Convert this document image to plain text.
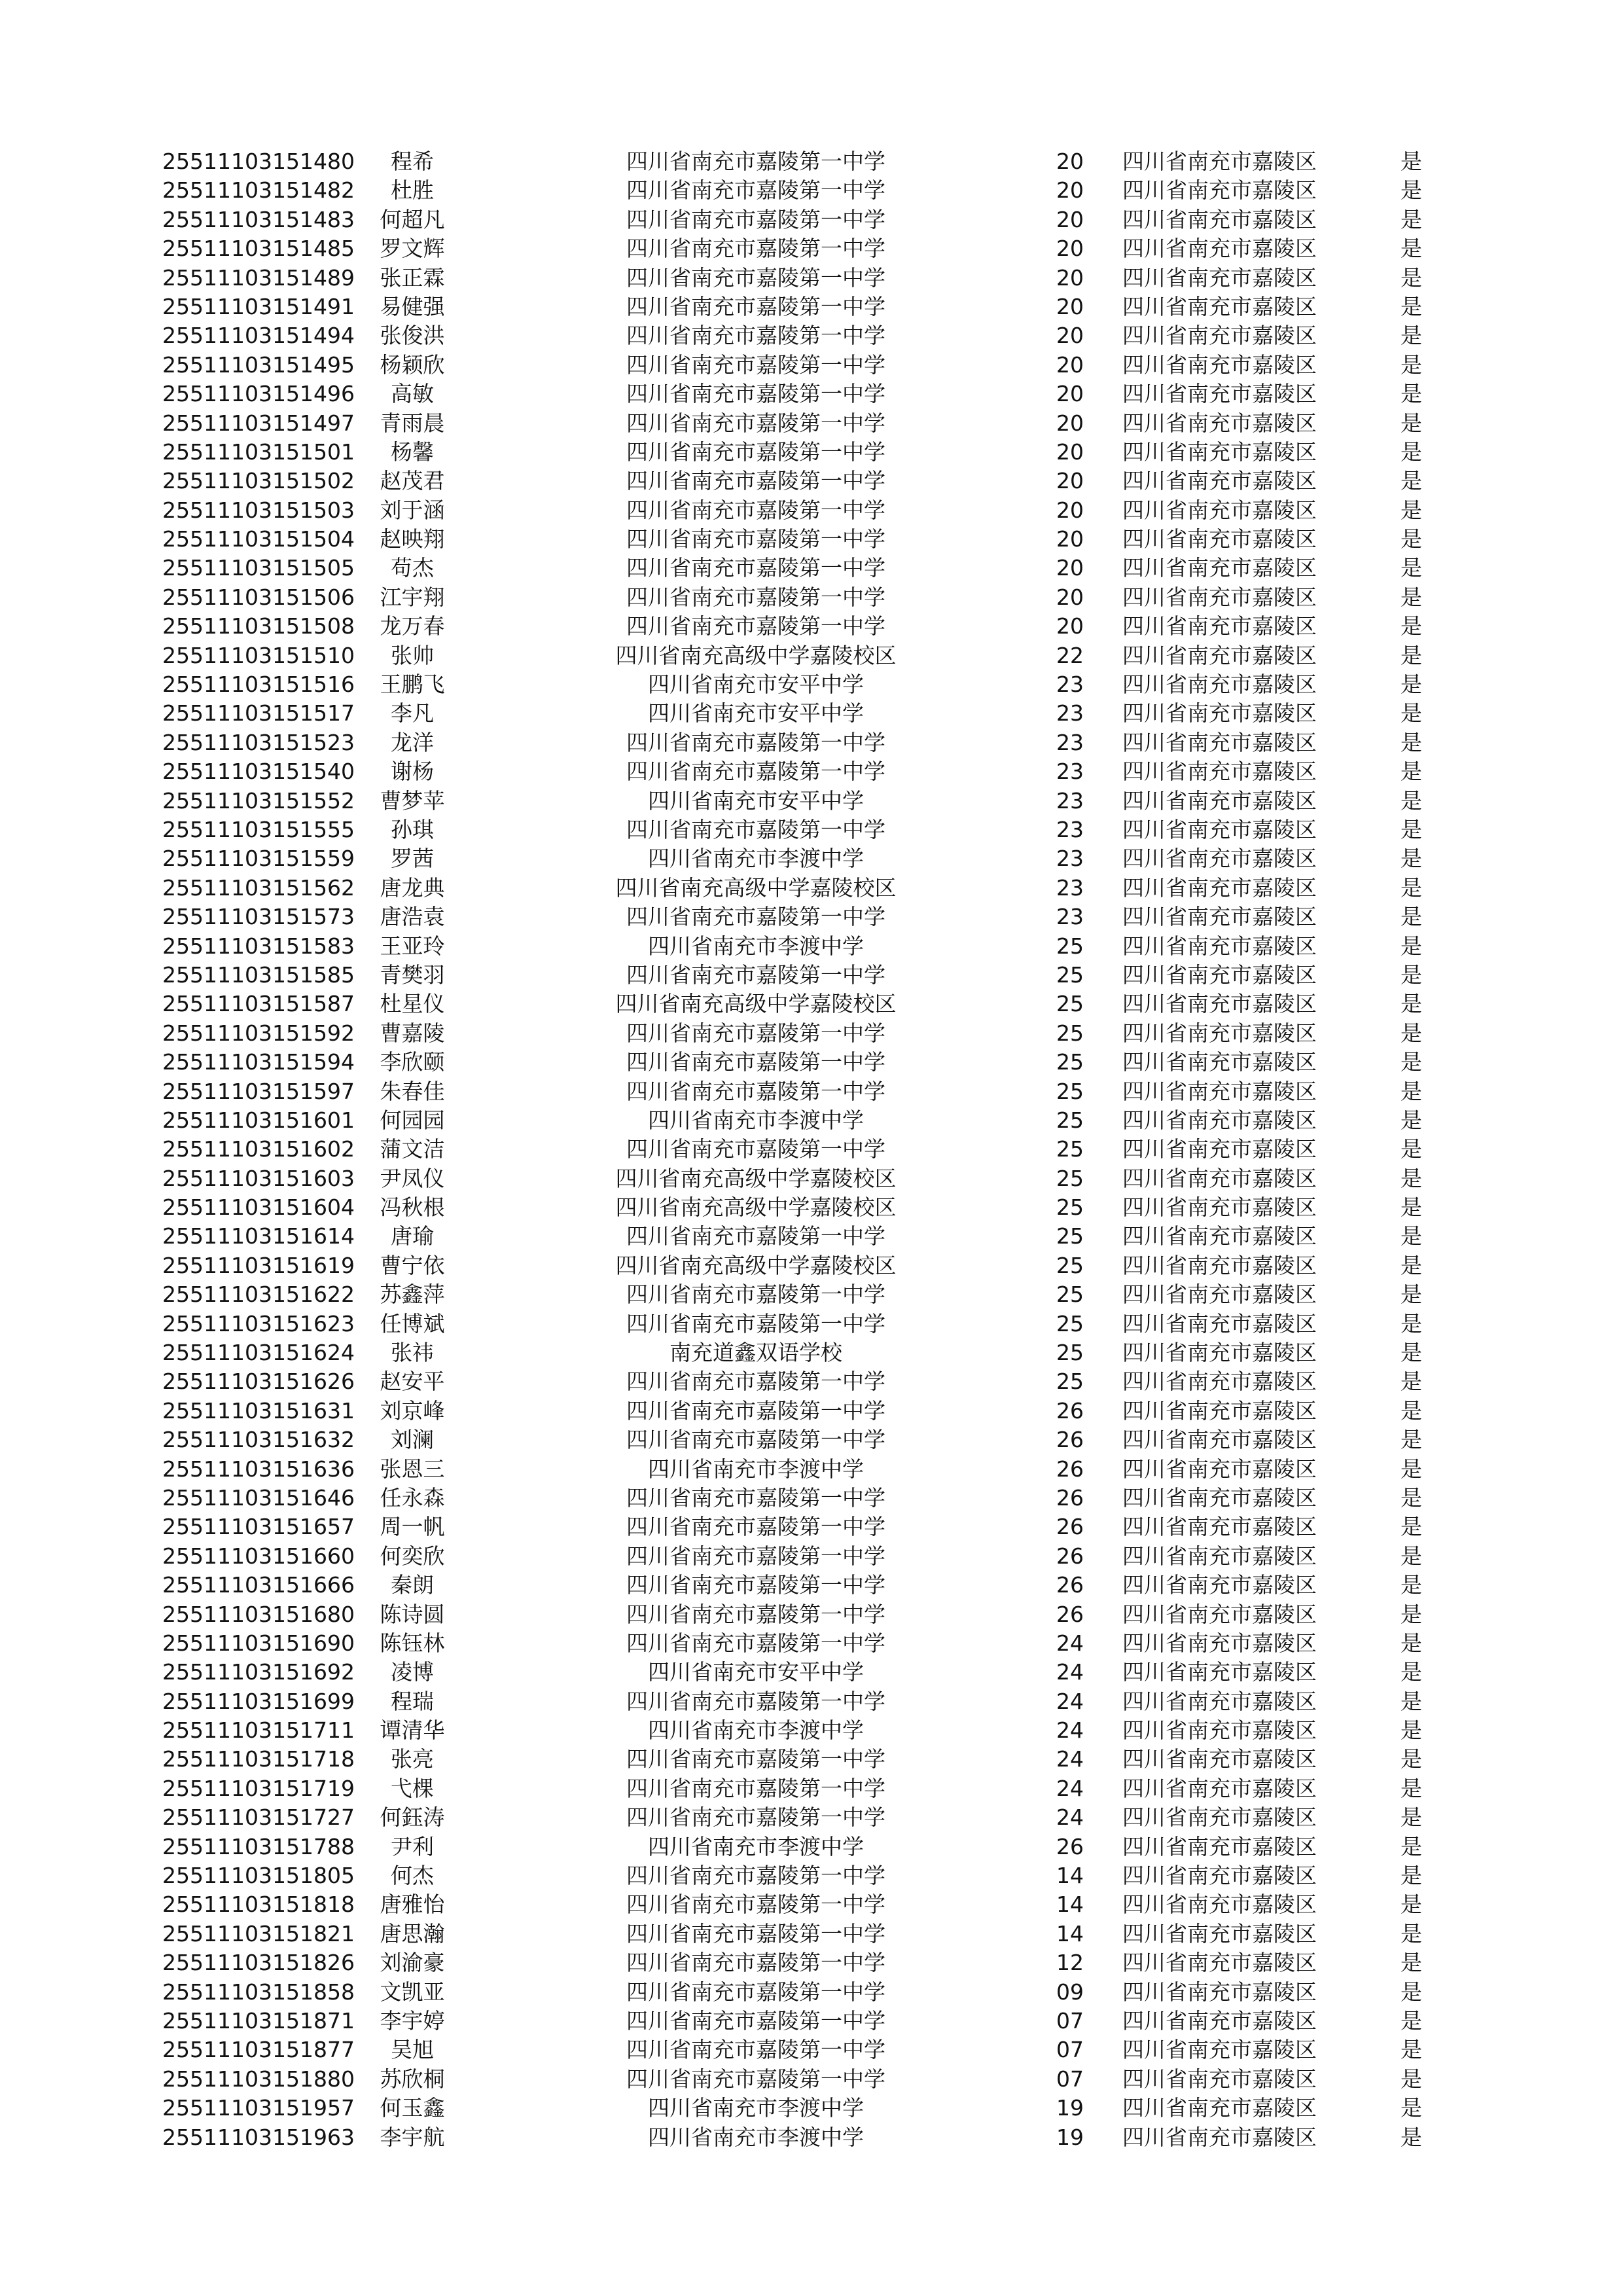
25511103151480 程希	四川省南充市嘉陵第一中学	20 四川省南充市嘉陵区	是
25511103151482 杜胜	四川省南充市嘉陵第一中学	20 四川省南充市嘉陵区	是
25511103151483 何超凡	四川省南充市嘉陵第一中学	20 四川省南充市嘉陵区	是
25511103151485 罗文辉	四川省南充市嘉陵第一中学	20 四川省南充市嘉陵区	是
25511103151489 张正霖	四川省南充市嘉陵第一中学	20 四川省南充市嘉陵区	是
25511103151491 易健强	四川省南充市嘉陵第一中学	20 四川省南充市嘉陵区	是
25511103151494 张俊洪	四川省南充市嘉陵第一中学	20 四川省南充市嘉陵区	是
25511103151495 杨颖欣	四川省南充市嘉陵第一中学	20 四川省南充市嘉陵区	是
25511103151496 高敏	四川省南充市嘉陵第一中学	20 四川省南充市嘉陵区	是
25511103151497 青雨晨	四川省南充市嘉陵第一中学	20 四川省南充市嘉陵区	是
25511103151501 杨馨	四川省南充市嘉陵第一中学	20 四川省南充市嘉陵区	是
25511103151502 赵茂君	四川省南充市嘉陵第一中学	20 四川省南充市嘉陵区	是
25511103151503 刘于涵	四川省南充市嘉陵第一中学	20 四川省南充市嘉陵区	是
25511103151504 赵映翔	四川省南充市嘉陵第一中学	20 四川省南充市嘉陵区	是
25511103151505 苟杰	四川省南充市嘉陵第一中学	20 四川省南充市嘉陵区	是
25511103151506 江宇翔	四川省南充市嘉陵第一中学	20 四川省南充市嘉陵区	是
25511103151508 龙万春	四川省南充市嘉陵第一中学	20 四川省南充市嘉陵区	是
25511103151510 张帅	四川省南充高级中学嘉陵校区	22 四川省南充市嘉陵区	是
25511103151516 王鹏飞	四川省南充市安平中学	23 四川省南充市嘉陵区	是
25511103151517 李凡	四川省南充市安平中学	23 四川省南充市嘉陵区	是
25511103151523 龙洋	四川省南充市嘉陵第一中学	23 四川省南充市嘉陵区	是
25511103151540 谢杨	四川省南充市嘉陵第一中学	23 四川省南充市嘉陵区	是
25511103151552 曹梦苹	四川省南充市安平中学	23 四川省南充市嘉陵区	是
25511103151555 孙琪	四川省南充市嘉陵第一中学	23 四川省南充市嘉陵区	是
25511103151559 罗茜	四川省南充市李渡中学	23 四川省南充市嘉陵区	是
25511103151562 唐龙典	四川省南充高级中学嘉陵校区	23 四川省南充市嘉陵区	是
25511103151573 唐浩袁	四川省南充市嘉陵第一中学	23 四川省南充市嘉陵区	是
25511103151583 王亚玲	四川省南充市李渡中学	25 四川省南充市嘉陵区	是
25511103151585 青樊羽	四川省南充市嘉陵第一中学	25 四川省南充市嘉陵区	是
25511103151587 杜星仪	四川省南充高级中学嘉陵校区	25 四川省南充市嘉陵区	是
25511103151592 曹嘉陵	四川省南充市嘉陵第一中学	25 四川省南充市嘉陵区	是
25511103151594 李欣颐	四川省南充市嘉陵第一中学	25 四川省南充市嘉陵区	是
25511103151597 朱春佳	四川省南充市嘉陵第一中学	25 四川省南充市嘉陵区	是
25511103151601 何园园	四川省南充市李渡中学	25 四川省南充市嘉陵区	是
25511103151602 蒲文洁	四川省南充市嘉陵第一中学	25 四川省南充市嘉陵区	是
25511103151603 尹凤仪	四川省南充高级中学嘉陵校区	25 四川省南充市嘉陵区	是
25511103151604 冯秋根	四川省南充高级中学嘉陵校区	25 四川省南充市嘉陵区	是
25511103151614 唐瑜	四川省南充市嘉陵第一中学	25 四川省南充市嘉陵区	是
25511103151619 曹宁依	四川省南充高级中学嘉陵校区	25 四川省南充市嘉陵区	是
25511103151622 苏鑫萍	四川省南充市嘉陵第一中学	25 四川省南充市嘉陵区	是
25511103151623 任博斌	四川省南充市嘉陵第一中学	25 四川省南充市嘉陵区	是
25511103151624 张祎	南充道鑫双语学校	25 四川省南充市嘉陵区	是
25511103151626 赵安平	四川省南充市嘉陵第一中学	25 四川省南充市嘉陵区	是
25511103151631 刘京峰	四川省南充市嘉陵第一中学	26 四川省南充市嘉陵区	是
25511103151632 刘澜	四川省南充市嘉陵第一中学	26 四川省南充市嘉陵区	是
25511103151636 张恩三	四川省南充市李渡中学	26 四川省南充市嘉陵区	是
25511103151646 任永森	四川省南充市嘉陵第一中学	26 四川省南充市嘉陵区	是
25511103151657 周一帆	四川省南充市嘉陵第一中学	26 四川省南充市嘉陵区	是
25511103151660 何奕欣	四川省南充市嘉陵第一中学	26 四川省南充市嘉陵区	是
25511103151666 秦朗	四川省南充市嘉陵第一中学	26 四川省南充市嘉陵区	是
25511103151680 陈诗圆	四川省南充市嘉陵第一中学	26 四川省南充市嘉陵区	是
25511103151690 陈钰林	四川省南充市嘉陵第一中学	24 四川省南充市嘉陵区	是
25511103151692 凌博	四川省南充市安平中学	24 四川省南充市嘉陵区	是
25511103151699 程瑞	四川省南充市嘉陵第一中学	24 四川省南充市嘉陵区	是
25511103151711 谭清华	四川省南充市李渡中学	24 四川省南充市嘉陵区	是
25511103151718 张亮	四川省南充市嘉陵第一中学	24 四川省南充市嘉陵区	是
25511103151719 弋棵	四川省南充市嘉陵第一中学	24 四川省南充市嘉陵区	是
25511103151727 何鈺涛	四川省南充市嘉陵第一中学	24 四川省南充市嘉陵区	是
25511103151788 尹利	四川省南充市李渡中学	26 四川省南充市嘉陵区	是
25511103151805 何杰	四川省南充市嘉陵第一中学	14 四川省南充市嘉陵区	是
25511103151818 唐雅怡	四川省南充市嘉陵第一中学	14 四川省南充市嘉陵区	是
25511103151821 唐思瀚	四川省南充市嘉陵第一中学	14 四川省南充市嘉陵区	是
25511103151826 刘渝豪	四川省南充市嘉陵第一中学	12 四川省南充市嘉陵区	是
25511103151858 文凯亚	四川省南充市嘉陵第一中学	09 四川省南充市嘉陵区	是
25511103151871 李宇婷	四川省南充市嘉陵第一中学	07 四川省南充市嘉陵区	是
25511103151877 吴旭	四川省南充市嘉陵第一中学	07 四川省南充市嘉陵区	是
25511103151880 苏欣桐	四川省南充市嘉陵第一中学	07 四川省南充市嘉陵区	是
25511103151957 何玉鑫	四川省南充市李渡中学	19 四川省南充市嘉陵区	是
25511103151963 李宇航	四川省南充市李渡中学	19 四川省南充市嘉陵区	是
